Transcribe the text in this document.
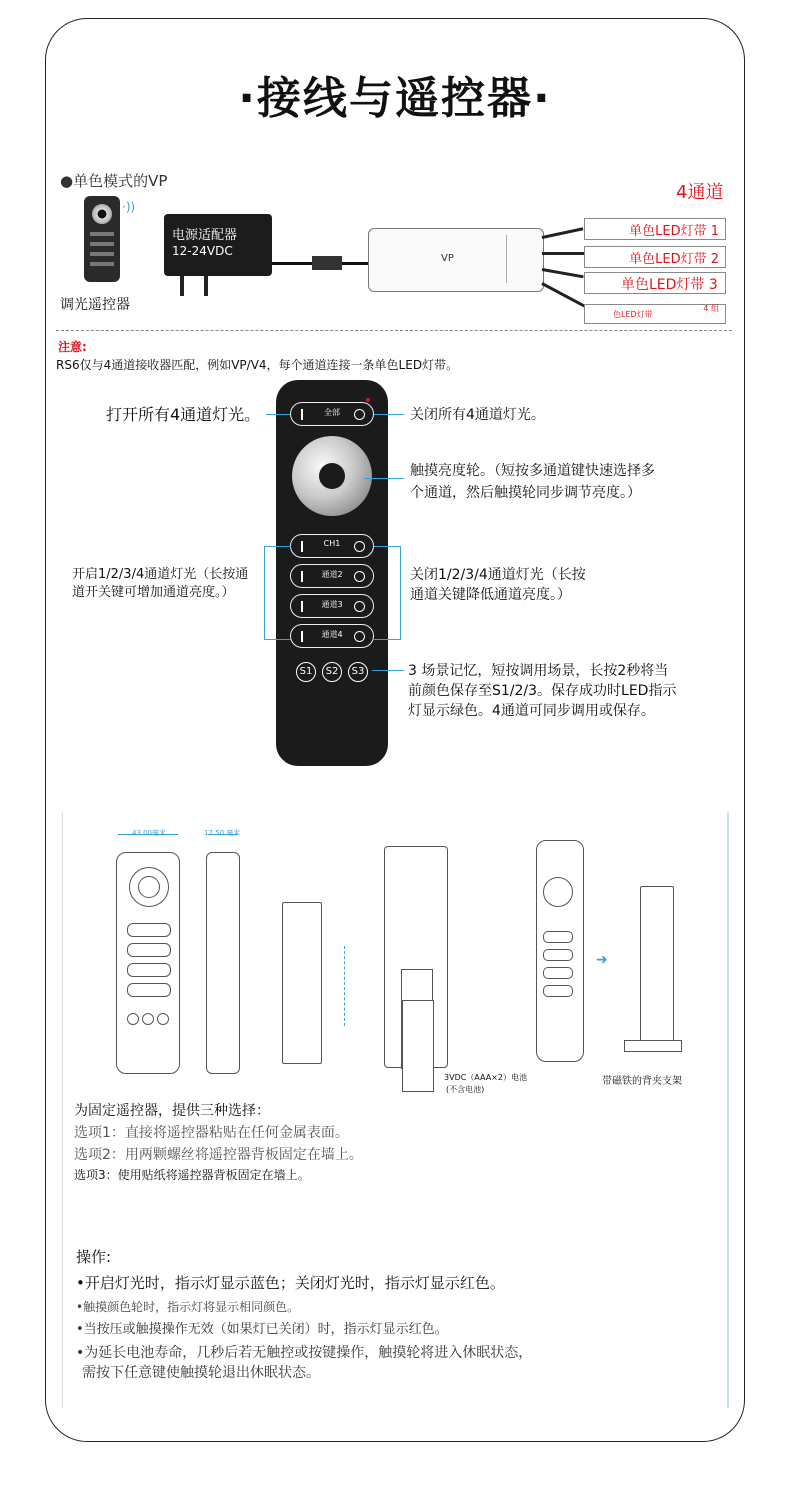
·接线与遥控器·
●单色模式的VP
4通道
·))
调光遥控器
电源适配器
12-24VDC
VP
单色LED灯带 1
单色LED灯带 2
单色LED灯带 3
色LED灯带
4 组
注意:
RS6仅与4通道接收器匹配，例如VP/V4，每个通道连接一条单色LED灯带。
全部
CH1
通道2
通道3
通道4
S1	S2	S3
打开所有4通道灯光。	关闭所有4通道灯光。
触摸亮度轮。（短按多通道键快速选择多
个通道，然后触摸轮同步调节亮度。）
开启1/2/3/4通道灯光（长按通
道开关键可增加通道亮度。）
关闭1/2/3/4通道灯光（长按
通道关键降低通道亮度。）
3 场景记忆，短按调用场景，长按2秒将当
前颜色保存至S1/2/3。保存成功时LED指示
灯显示绿色。4通道可同步调用或保存。
43.00毫米	17.50 毫米
3VDC（AAA×2）电池
(不含电池)
➜
带磁铁的背夹支架
为固定遥控器，提供三种选择：
选项1：直接将遥控器粘贴在任何金属表面。
选项2：用两颗螺丝将遥控器背板固定在墙上。
选项3：使用贴纸将遥控器背板固定在墙上。
操作:
•开启灯光时，指示灯显示蓝色；关闭灯光时，指示灯显示红色。
•触摸颜色轮时，指示灯将显示相同颜色。
•当按压或触摸操作无效（如果灯已关闭）时，指示灯显示红色。
•为延长电池寿命，几秒后若无触控或按键操作，触摸轮将进入休眠状态，
需按下任意键使触摸轮退出休眠状态。
